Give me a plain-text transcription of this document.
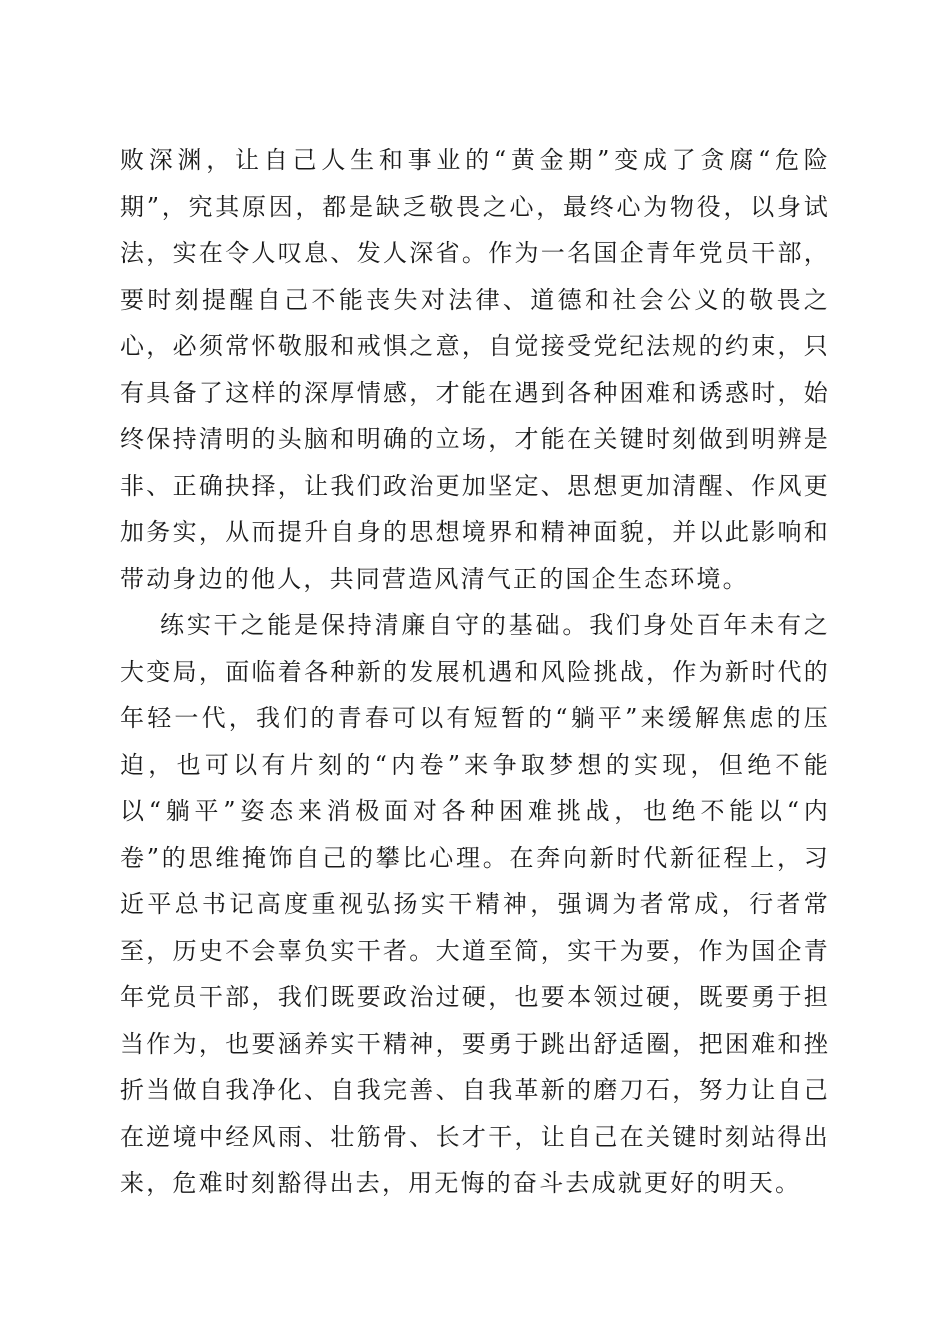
败深渊，让自己人生和事业的“黄金期”变成了贪腐“危险期”，究其原因，都是缺乏敬畏之心，最终心为物役，以身试法，实在令人叹息、发人深省。作为一名国企青年党员干部，要时刻提醒自己不能丧失对法律、道德和社会公义的敬畏之心，必须常怀敬服和戒惧之意，自觉接受党纪法规的约束，只有具备了这样的深厚情感，才能在遇到各种困难和诱惑时，始终保持清明的头脑和明确的立场，才能在关键时刻做到明辨是非、正确抉择，让我们政治更加坚定、思想更加清醒、作风更加务实，从而提升自身的思想境界和精神面貌，并以此影响和带动身边的他人，共同营造风清气正的国企生态环境。

练实干之能是保持清廉自守的基础。我们身处百年未有之大变局，面临着各种新的发展机遇和风险挑战，作为新时代的年轻一代，我们的青春可以有短暂的“躺平”来缓解焦虑的压迫，也可以有片刻的“内卷”来争取梦想的实现，但绝不能以“躺平”姿态来消极面对各种困难挑战，也绝不能以“内卷”的思维掩饰自己的攀比心理。在奔向新时代新征程上，习近平总书记高度重视弘扬实干精神，强调为者常成，行者常至，历史不会辜负实干者。大道至简，实干为要，作为国企青年党员干部，我们既要政治过硬，也要本领过硬，既要勇于担当作为，也要涵养实干精神，要勇于跳出舒适圈，把困难和挫折当做自我净化、自我完善、自我革新的磨刀石，努力让自己在逆境中经风雨、壮筋骨、长才干，让自己在关键时刻站得出来，危难时刻豁得出去，用无悔的奋斗去成就更好的明天。
